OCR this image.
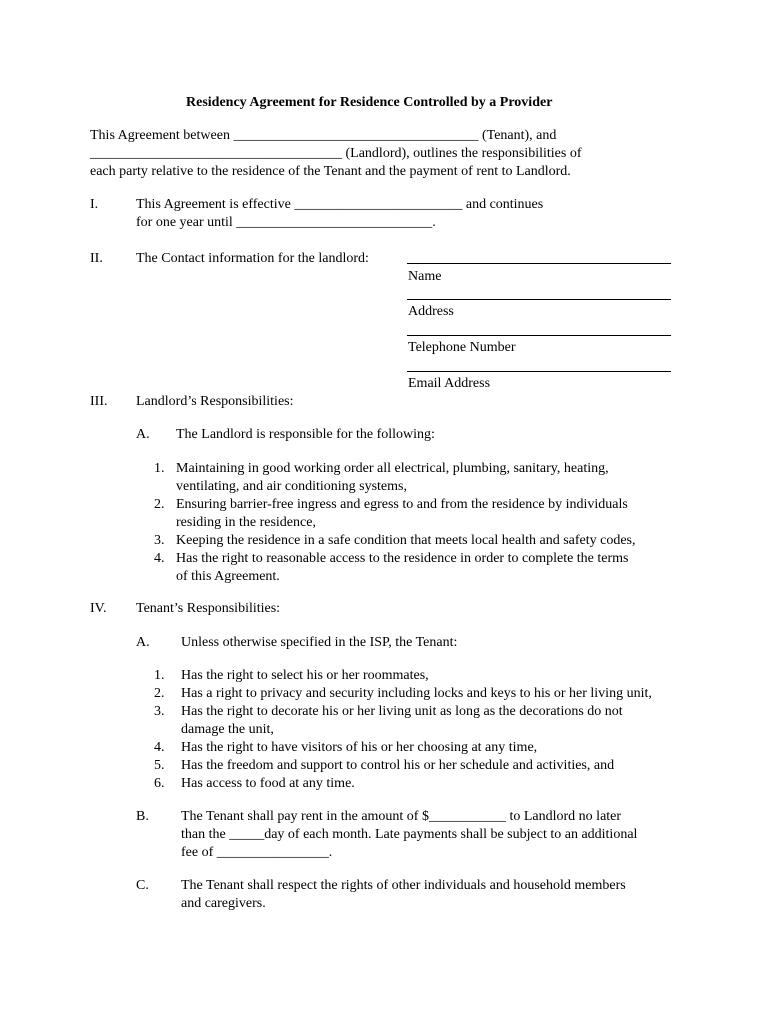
Residency Agreement for Residence Controlled by a Provider
This Agreement between ___________________________________ (Tenant), and
____________________________________ (Landlord), outlines the responsibilities of
each party relative to the residence of the Tenant and the payment of rent to Landlord.
I.	This Agreement is effective ________________________ and continues
for one year until ____________________________.
II. The Contact information for the landlord:
Name
Address
Telephone Number
Email Address
III. Landlord’s Responsibilities:
A. The Landlord is responsible for the following:
1. Maintaining in good working order all electrical, plumbing, sanitary, heating,
ventilating, and air conditioning systems,
2. Ensuring barrier-free ingress and egress to and from the residence by individuals
residing in the residence,
3. Keeping the residence in a safe condition that meets local health and safety codes,
4. Has the right to reasonable access to the residence in order to complete the terms
of this Agreement.
IV. Tenant’s Responsibilities:
A. Unless otherwise specified in the ISP, the Tenant:
1. Has the right to select his or her roommates,
2. Has a right to privacy and security including locks and keys to his or her living unit,
3. Has the right to decorate his or her living unit as long as the decorations do not
damage the unit,
4. Has the right to have visitors of his or her choosing at any time,
5. Has the freedom and support to control his or her schedule and activities, and
6. Has access to food at any time.
B. The Tenant shall pay rent in the amount of $___________ to Landlord no later
than the _____day of each month. Late payments shall be subject to an additional
fee of ________________.
C. The Tenant shall respect the rights of other individuals and household members
and caregivers.
